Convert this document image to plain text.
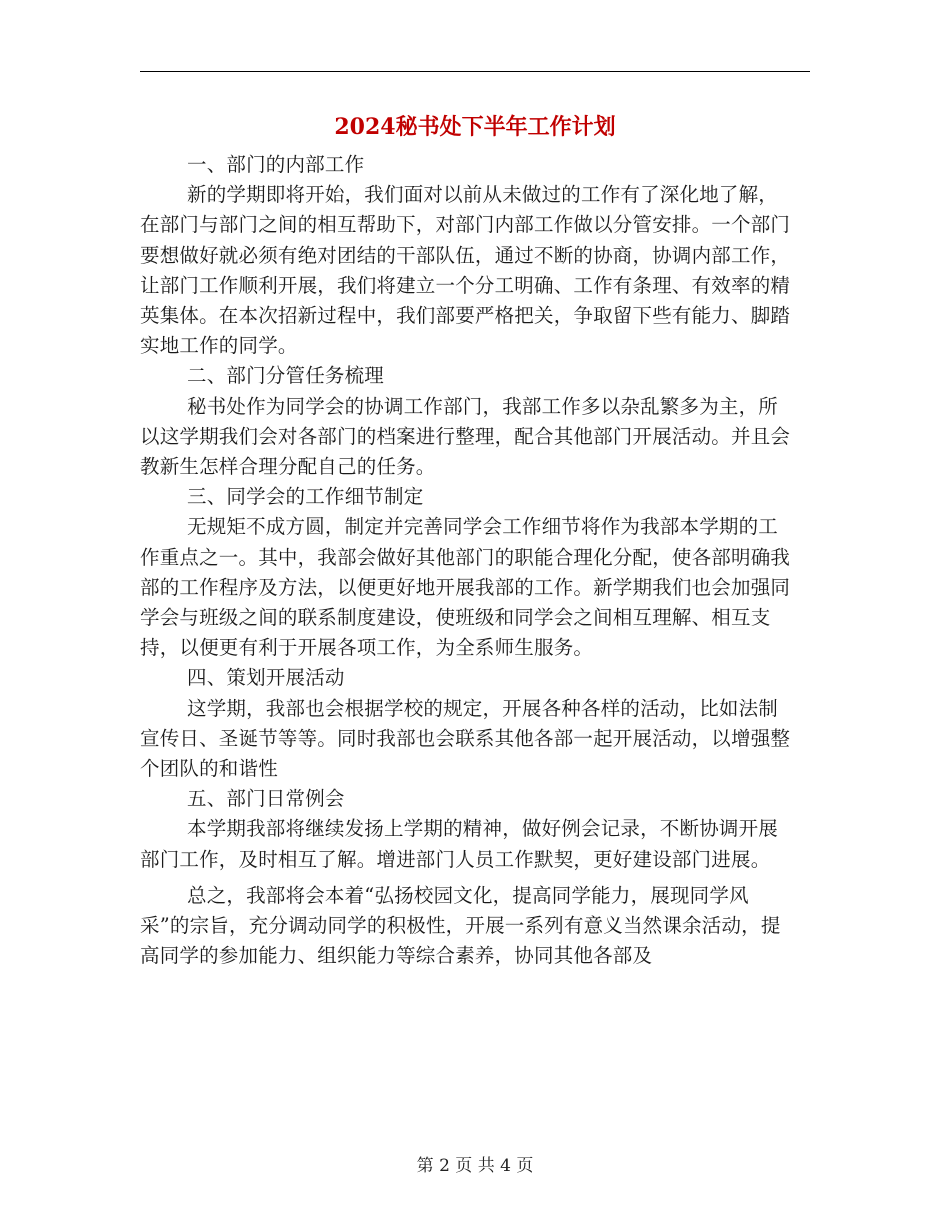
2024秘书处下半年工作计划

一、部门的内部工作

新的学期即将开始，我们面对以前从未做过的工作有了深化地了解，在部门与部门之间的相互帮助下，对部门内部工作做以分管安排。一个部门要想做好就必须有绝对团结的干部队伍，通过不断的协商，协调内部工作，让部门工作顺利开展，我们将建立一个分工明确、工作有条理、有效率的精英集体。在本次招新过程中，我们部要严格把关，争取留下些有能力、脚踏实地工作的同学。

二、部门分管任务梳理

秘书处作为同学会的协调工作部门，我部工作多以杂乱繁多为主，所以这学期我们会对各部门的档案进行整理，配合其他部门开展活动。并且会教新生怎样合理分配自己的任务。

三、同学会的工作细节制定

无规矩不成方圆，制定并完善同学会工作细节将作为我部本学期的工作重点之一。其中，我部会做好其他部门的职能合理化分配，使各部明确我部的工作程序及方法，以便更好地开展我部的工作。新学期我们也会加强同学会与班级之间的联系制度建设，使班级和同学会之间相互理解、相互支持，以便更有利于开展各项工作，为全系师生服务。

四、策划开展活动

这学期，我部也会根据学校的规定，开展各种各样的活动，比如法制宣传日、圣诞节等等。同时我部也会联系其他各部一起开展活动，以增强整个团队的和谐性

五、部门日常例会

本学期我部将继续发扬上学期的精神，做好例会记录，不断协调开展部门工作，及时相互了解。增进部门人员工作默契，更好建设部门进展。

总之，我部将会本着“弘扬校园文化，提高同学能力，展现同学风采”的宗旨，充分调动同学的积极性，开展一系列有意义当然课余活动，提高同学的参加能力、组织能力等综合素养，协同其他各部及

第 2 页 共 4 页
